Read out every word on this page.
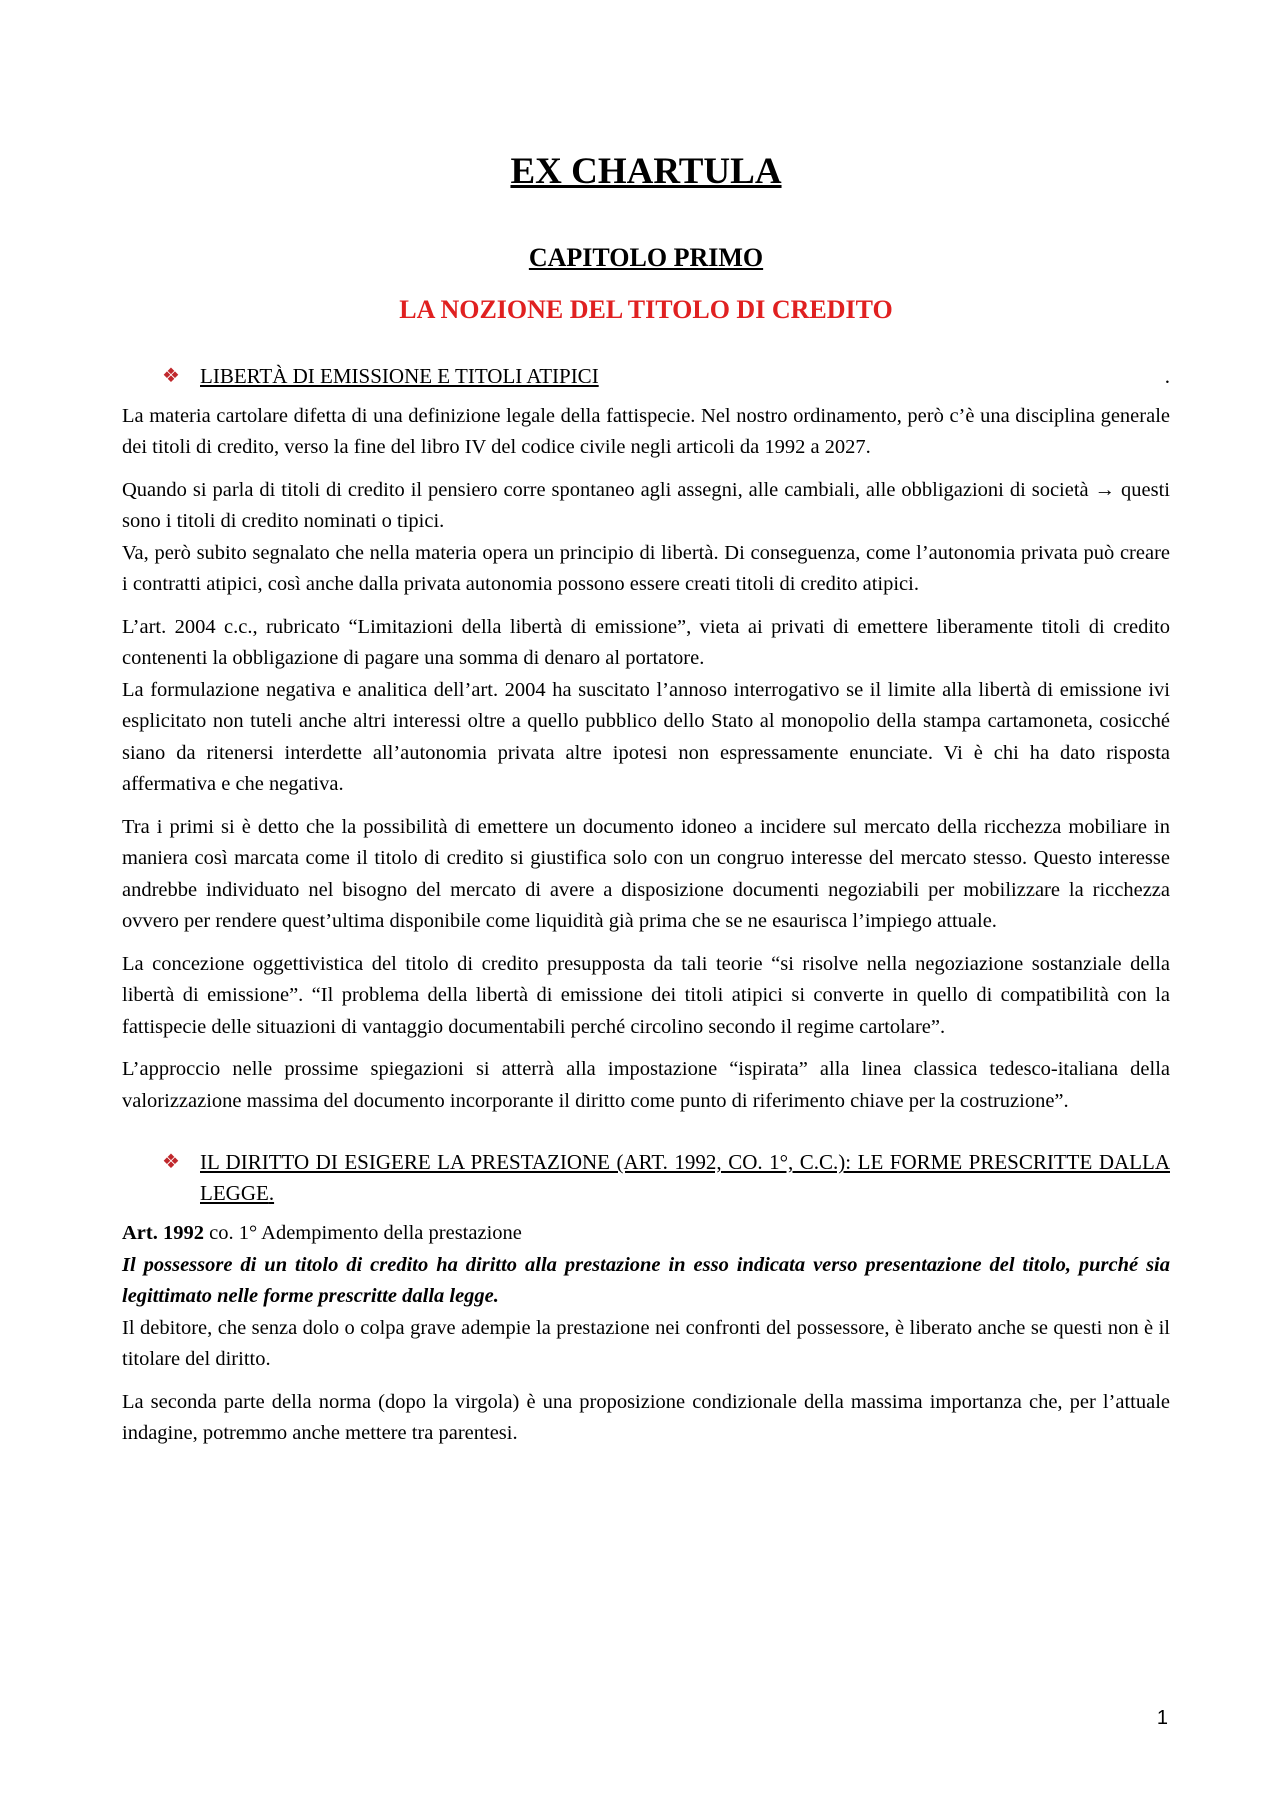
EX CHARTULA
CAPITOLO PRIMO
LA NOZIONE DEL TITOLO DI CREDITO
❖ LIBERTÀ DI EMISSIONE E TITOLI ATIPICI	.

La materia cartolare difetta di una definizione legale della fattispecie. Nel nostro ordinamento, però c’è una disciplina generale dei titoli di credito, verso la fine del libro IV del codice civile negli articoli da 1992 a 2027.

Quando si parla di titoli di credito il pensiero corre spontaneo agli assegni, alle cambiali, alle obbligazioni di società → questi sono i titoli di credito nominati o tipici.

Va, però subito segnalato che nella materia opera un principio di libertà. Di conseguenza, come l’autonomia privata può creare i contratti atipici, così anche dalla privata autonomia possono essere creati titoli di credito atipici.

L’art. 2004 c.c., rubricato “Limitazioni della libertà di emissione”, vieta ai privati di emettere liberamente titoli di credito contenenti la obbligazione di pagare una somma di denaro al portatore.

La formulazione negativa e analitica dell’art. 2004 ha suscitato l’annoso interrogativo se il limite alla libertà di emissione ivi esplicitato non tuteli anche altri interessi oltre a quello pubblico dello Stato al monopolio della stampa cartamoneta, cosicché siano da ritenersi interdette all’autonomia privata altre ipotesi non espressamente enunciate. Vi è chi ha dato risposta affermativa e che negativa.

Tra i primi si è detto che la possibilità di emettere un documento idoneo a incidere sul mercato della ricchezza mobiliare in maniera così marcata come il titolo di credito si giustifica solo con un congruo interesse del mercato stesso. Questo interesse andrebbe individuato nel bisogno del mercato di avere a disposizione documenti negoziabili per mobilizzare la ricchezza ovvero per rendere quest’ultima disponibile come liquidità già prima che se ne esaurisca l’impiego attuale.

La concezione oggettivistica del titolo di credito presupposta da tali teorie “si risolve nella negoziazione sostanziale della libertà di emissione”. “Il problema della libertà di emissione dei titoli atipici si converte in quello di compatibilità con la fattispecie delle situazioni di vantaggio documentabili perché circolino secondo il regime cartolare”.

L’approccio nelle prossime spiegazioni si atterrà alla impostazione “ispirata” alla linea classica tedesco-italiana della valorizzazione massima del documento incorporante il diritto come punto di riferimento chiave per la costruzione”.

❖ IL DIRITTO DI ESIGERE LA PRESTAZIONE (ART. 1992, CO. 1°, C.C.): LE FORME PRESCRITTE DALLA LEGGE.

Art. 1992 co. 1° Adempimento della prestazione

Il possessore di un titolo di credito ha diritto alla prestazione in esso indicata verso presentazione del titolo, purché sia legittimato nelle forme prescritte dalla legge.

Il debitore, che senza dolo o colpa grave adempie la prestazione nei confronti del possessore, è liberato anche se questi non è il titolare del diritto.

La seconda parte della norma (dopo la virgola) è una proposizione condizionale della massima importanza che, per l’attuale indagine, potremmo anche mettere tra parentesi.

1
